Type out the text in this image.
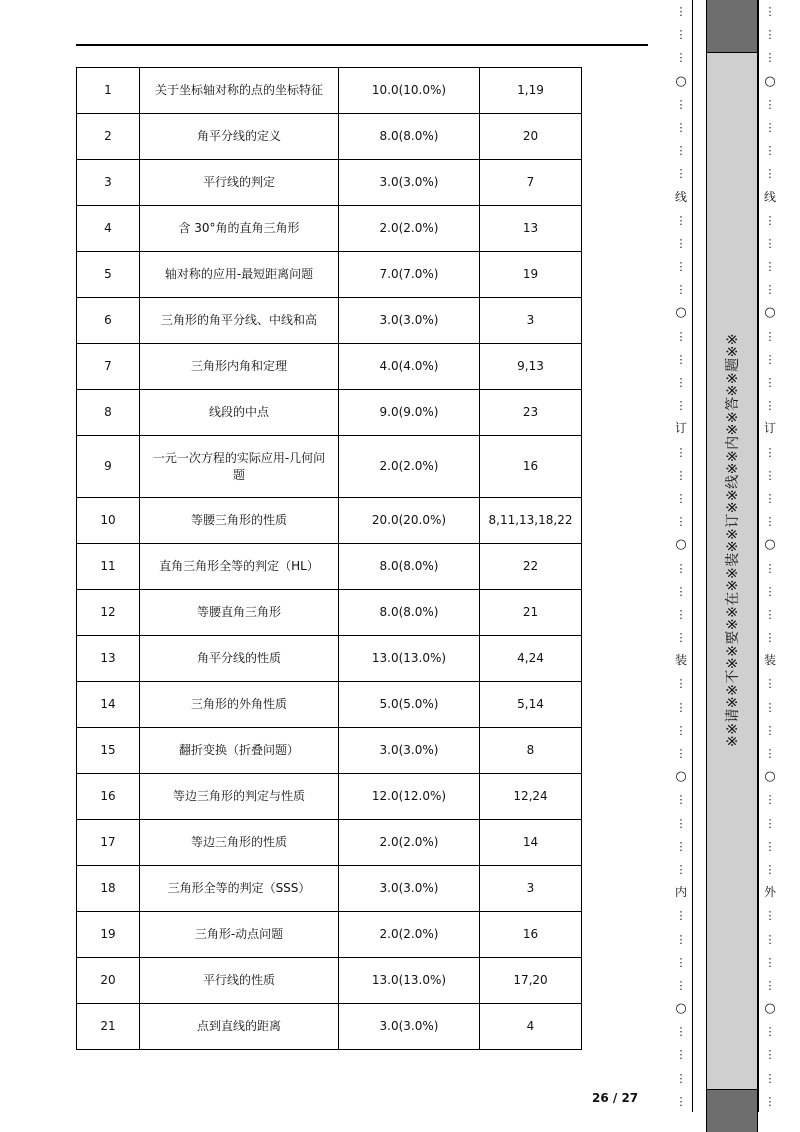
1	关于坐标轴对称的点的坐标特征	10.0(10.0%)	1,19
2	角平分线的定义	8.0(8.0%)	20
3	平行线的判定	3.0(3.0%)	7
4	含 30°角的直角三角形	2.0(2.0%)	13
5	轴对称的应用-最短距离问题	7.0(7.0%)	19
6	三角形的角平分线、中线和高	3.0(3.0%)	3
7	三角形内角和定理	4.0(4.0%)	9,13
8	线段的中点	9.0(9.0%)	23
9	一元一次方程的实际应用-几何问题	2.0(2.0%)	16
10	等腰三角形的性质	20.0(20.0%)	8,11,13,18,22
11	直角三角形全等的判定（HL）	8.0(8.0%)	22
12	等腰直角三角形	8.0(8.0%)	21
13	角平分线的性质	13.0(13.0%)	4,24
14	三角形的外角性质	5.0(5.0%)	5,14
15	翻折变换（折叠问题）	3.0(3.0%)	8
16	等边三角形的判定与性质	12.0(12.0%)	12,24
17	等边三角形的性质	2.0(2.0%)	14
18	三角形全等的判定（SSS）	3.0(3.0%)	3
19	三角形-动点问题	2.0(2.0%)	16
20	平行线的性质	13.0(13.0%)	17,20
21	点到直线的距离	3.0(3.0%)	4
26 / 27
⋮
⋮
⋮
○
⋮
⋮
⋮
⋮
线
⋮
⋮
⋮
⋮
○
⋮
⋮
⋮
⋮
订
⋮
⋮
⋮
⋮
○
⋮
⋮
⋮
⋮
装
⋮
⋮
⋮
⋮
○
⋮
⋮
⋮
⋮
内
⋮
⋮
⋮
⋮
○
⋮
⋮
⋮
⋮
※※请※※不※※要※※在※※装※※订※※线※※内※※答※※题※※
⋮
⋮
⋮
○
⋮
⋮
⋮
⋮
线
⋮
⋮
⋮
⋮
○
⋮
⋮
⋮
⋮
订
⋮
⋮
⋮
⋮
○
⋮
⋮
⋮
⋮
装
⋮
⋮
⋮
⋮
○
⋮
⋮
⋮
⋮
外
⋮
⋮
⋮
⋮
○
⋮
⋮
⋮
⋮
